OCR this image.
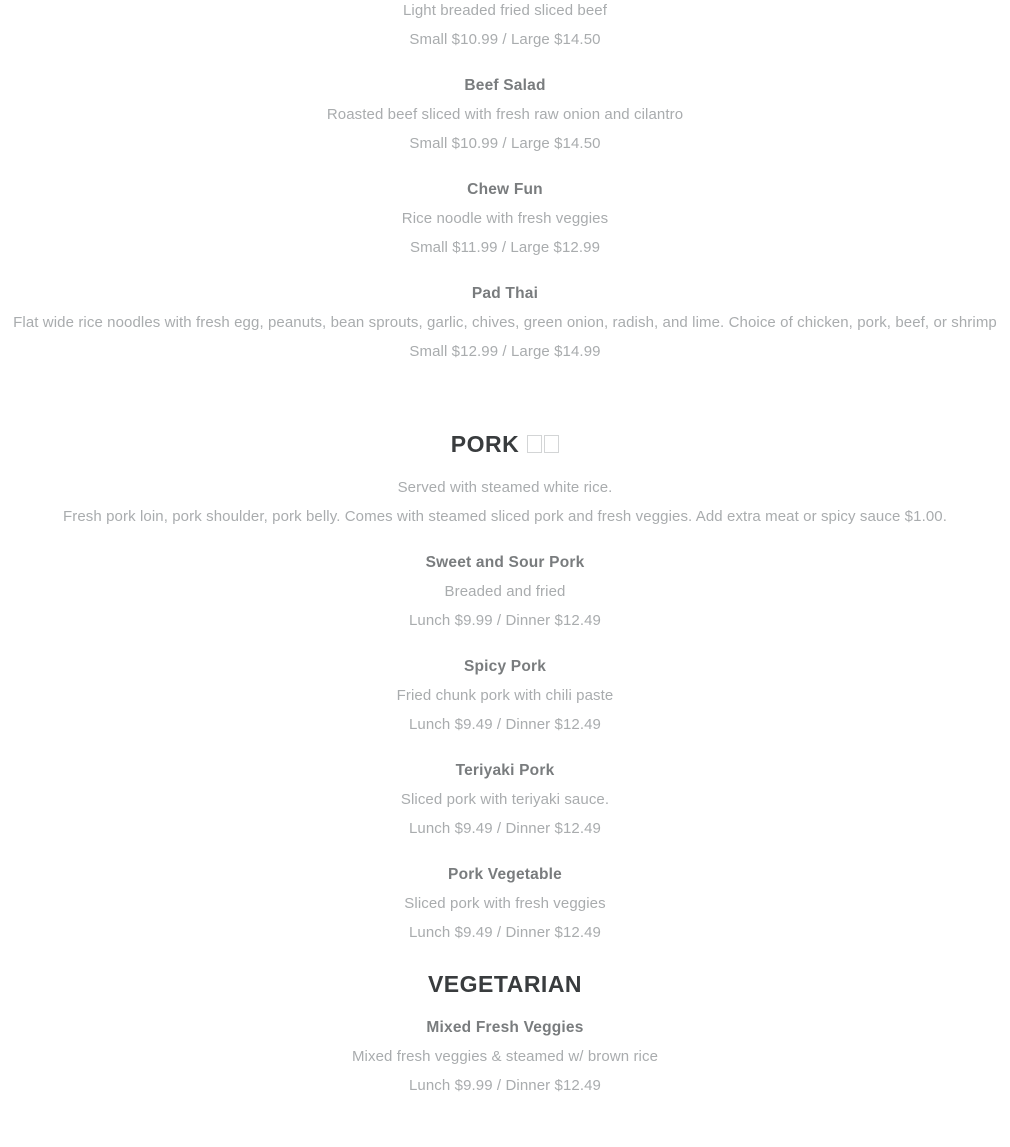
Light breaded fried sliced beef

Small $10.99 / Large $14.50

Beef Salad

Roasted beef sliced with fresh raw onion and cilantro

Small $10.99 / Large $14.50

Chew Fun

Rice noodle with fresh veggies

Small $11.99 / Large $12.99

Pad Thai

Flat wide rice noodles with fresh egg, peanuts, bean sprouts, garlic, chives, green onion, radish, and lime. Choice of chicken, pork, beef, or shrimp

Small $12.99 / Large $14.99

PORK

Served with steamed white rice.

Fresh pork loin, pork shoulder, pork belly. Comes with steamed sliced pork and fresh veggies. Add extra meat or spicy sauce $1.00.

Sweet and Sour Pork

Breaded and fried

Lunch $9.99 / Dinner $12.49

Spicy Pork

Fried chunk pork with chili paste

Lunch $9.49 / Dinner $12.49

Teriyaki Pork

Sliced pork with teriyaki sauce.

Lunch $9.49 / Dinner $12.49

Pork Vegetable

Sliced pork with fresh veggies

Lunch $9.49 / Dinner $12.49

VEGETARIAN

Mixed Fresh Veggies

Mixed fresh veggies & steamed w/ brown rice

Lunch $9.99 / Dinner $12.49
